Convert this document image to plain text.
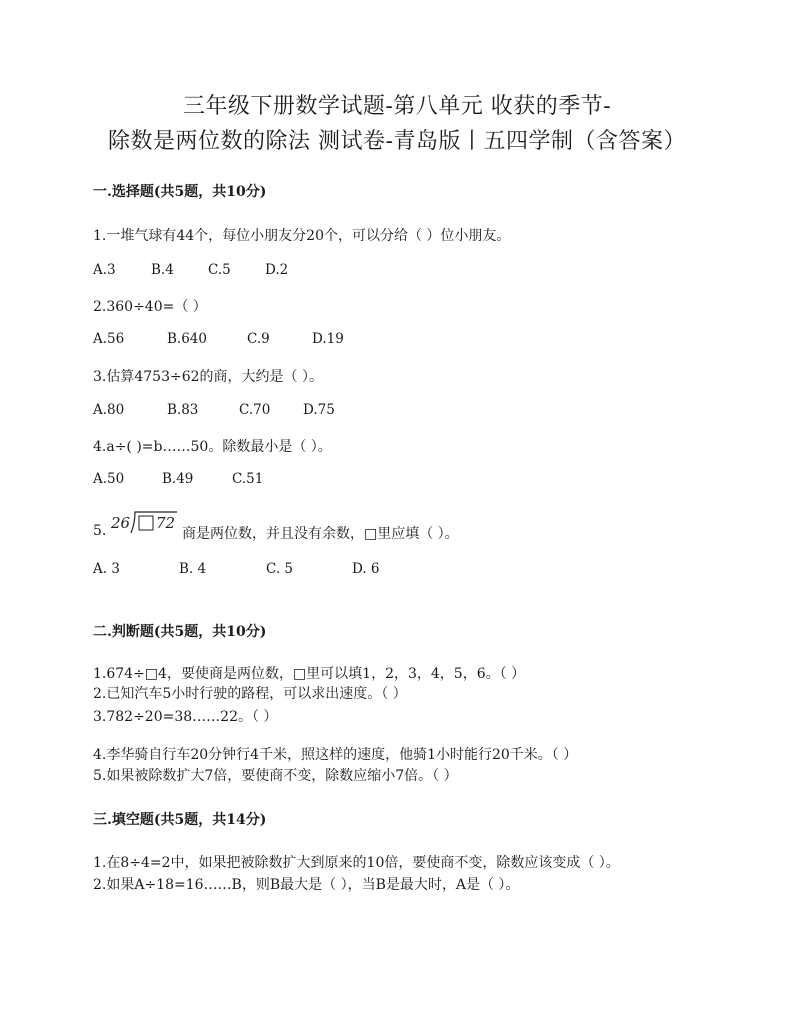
三年级下册数学试题-第八单元 收获的季节-
除数是两位数的除法 测试卷-青岛版丨五四学制（含答案）
一.选择题(共5题，共10分)
1.一堆气球有44个，每位小朋友分20个，可以分给（ ）位小朋友。
A.3	B.4	C.5	D.2
2.360÷40=（ ）
A.56	B.640	C.9	D.19
3.估算4753÷62的商，大约是（ ）。
A.80	B.83	C.70 D.75
4.a÷( )=b……50。除数最小是（ ）。
A.50	B.49	C.51
5. 26 72
商是两位数，并且没有余数，□里应填（ ）。
A. 3	B. 4	C. 5	D. 6
二.判断题(共5题，共10分)
1.674÷□4，要使商是两位数，□里可以填1，2，3，4，5，6。（ ）
2.已知汽车5小时行驶的路程，可以求出速度。（ ）
3.782÷20=38……22。（ ）
4.李华骑自行车20分钟行4千米，照这样的速度，他骑1小时能行20千米。（ ）
5.如果被除数扩大7倍，要使商不变，除数应缩小7倍。（ ）
三.填空题(共5题，共14分)
1.在8÷4=2中，如果把被除数扩大到原来的10倍，要使商不变，除数应该变成（ ）。
2.如果A÷18=16……B，则B最大是（ ），当B是最大时，A是（ ）。
